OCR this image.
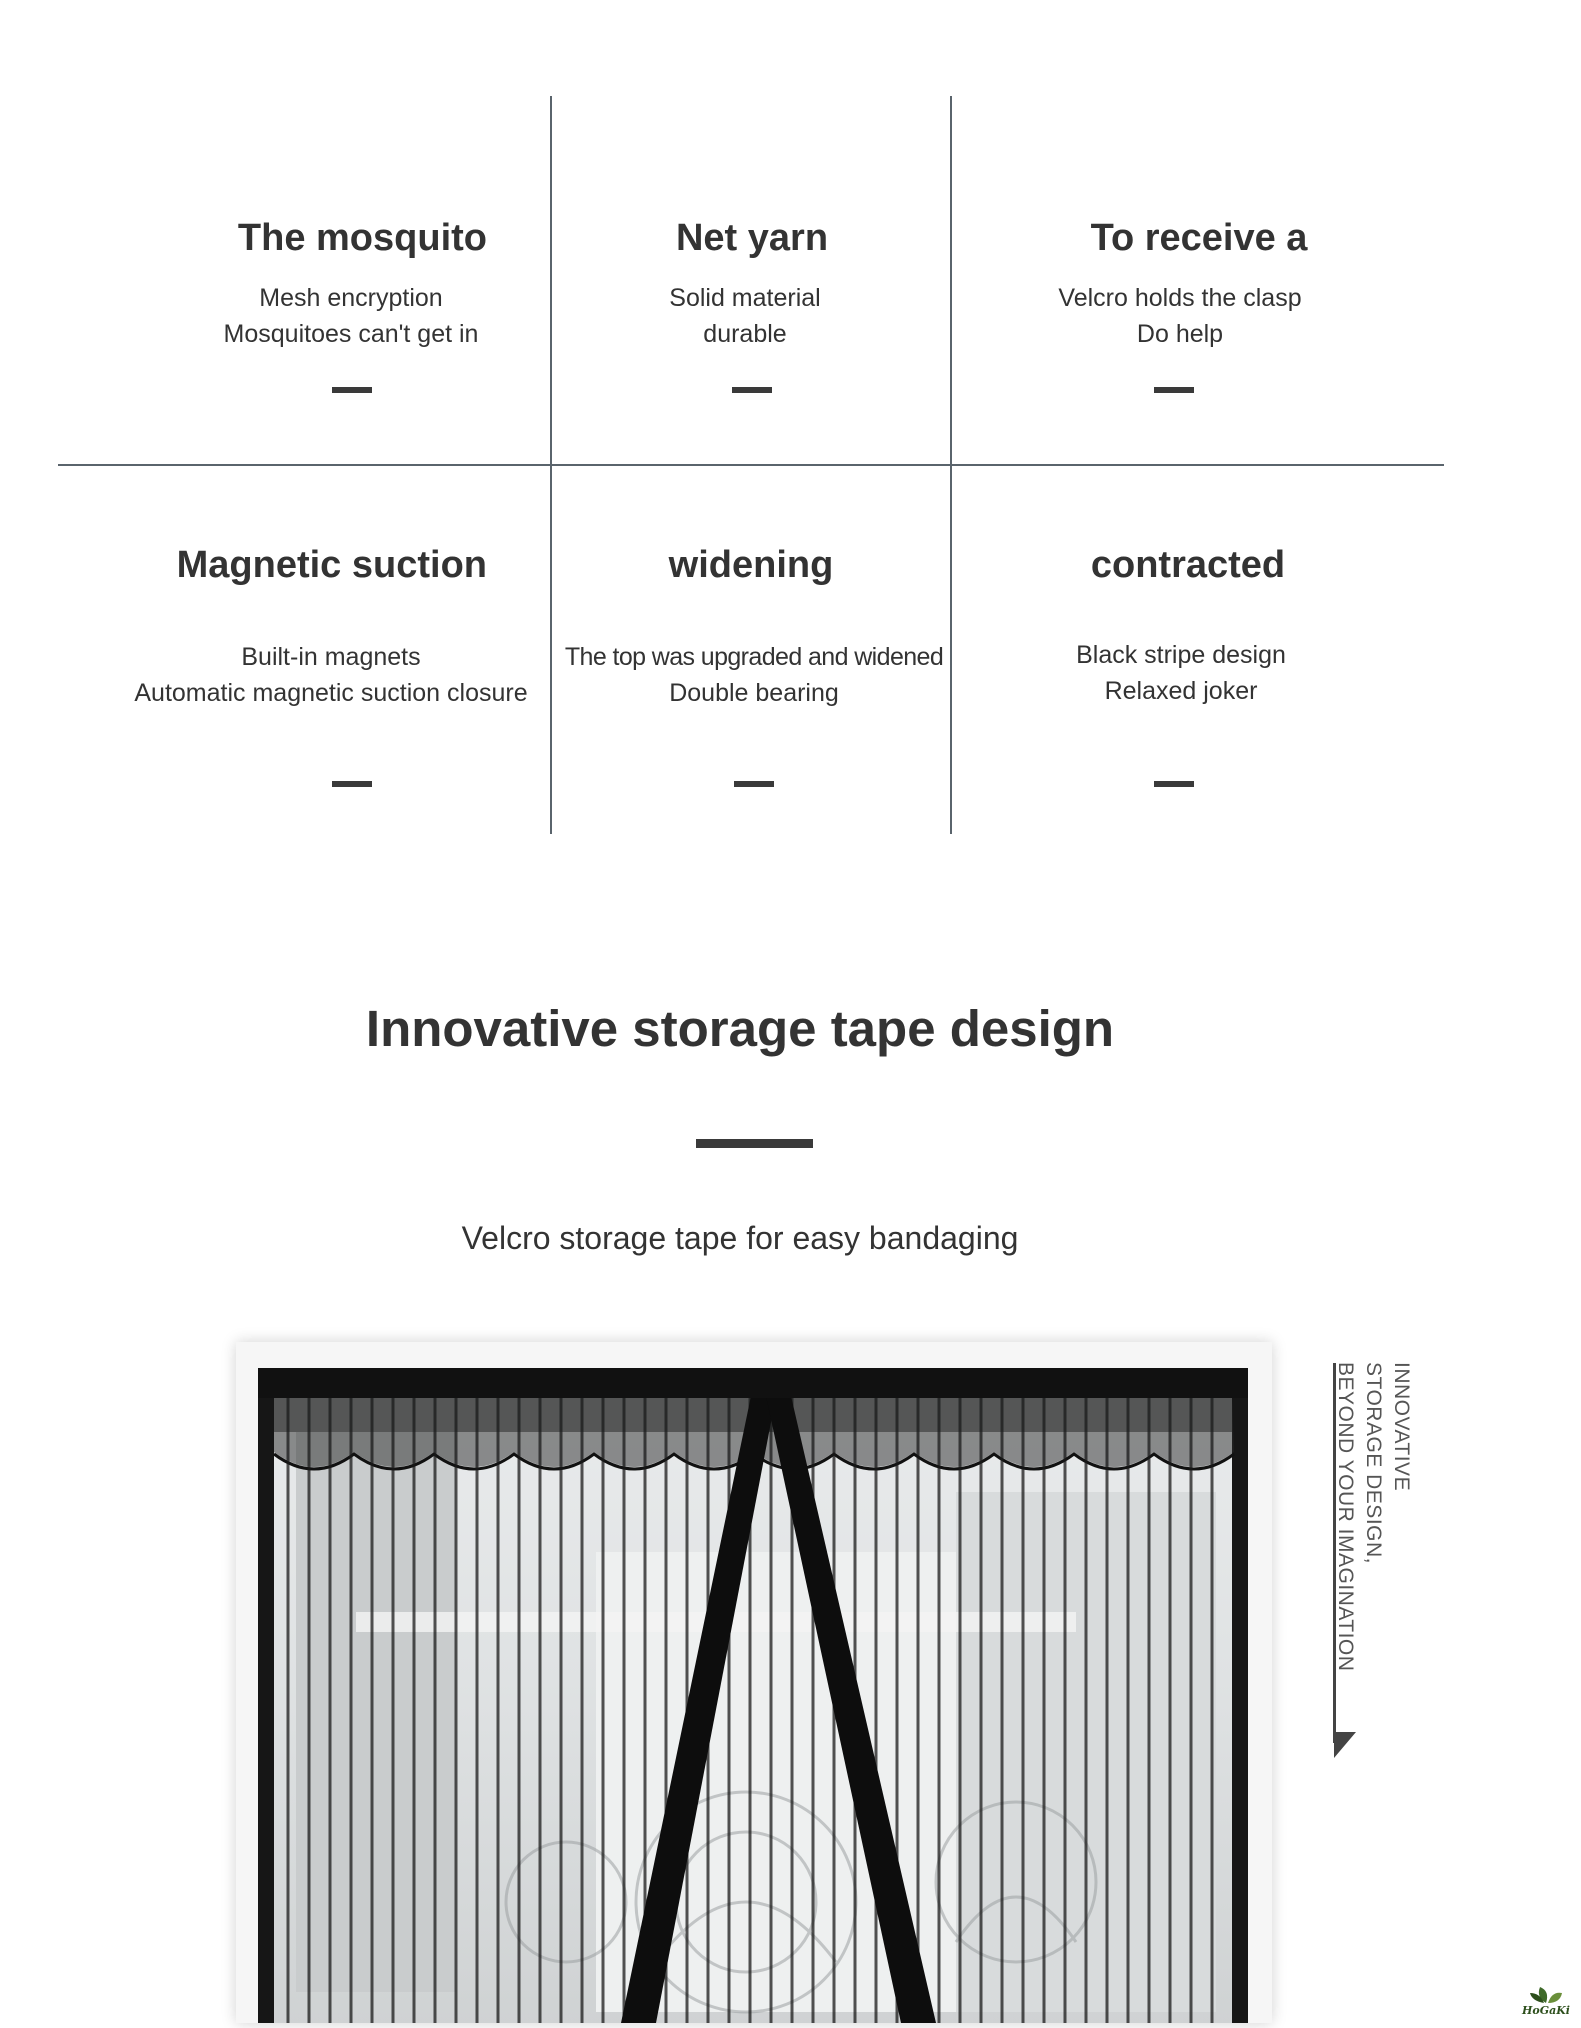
The mosquito
Mesh encryption
Mosquitoes can't get in
Net yarn
Solid material
durable
To receive a
Velcro holds the clasp
Do help
Magnetic suction
Built-in magnets
Automatic magnetic suction closure
widening
The top was upgraded and widened
Double bearing
contracted
Black stripe design
Relaxed joker
Innovative storage tape design
Velcro storage tape for easy bandaging
INNOVATIVE
STORAGE DESIGN,
BEYOND YOUR IMAGINATION
HoGaKi
